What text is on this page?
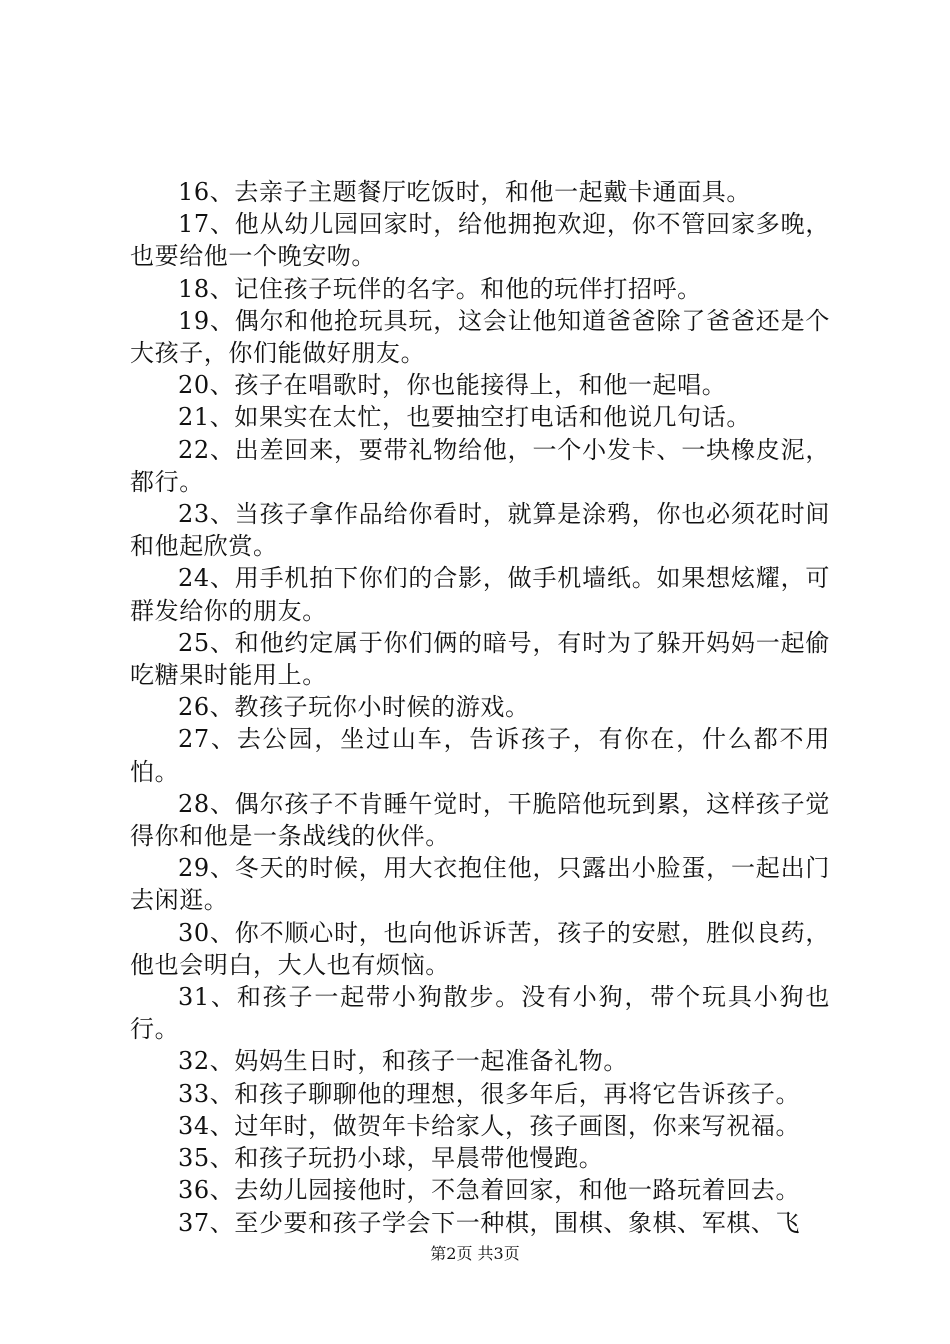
16、去亲子主题餐厅吃饭时，和他一起戴卡通面具。

17、他从幼儿园回家时，给他拥抱欢迎，你不管回家多晚，也要给他一个晚安吻。

18、记住孩子玩伴的名字。和他的玩伴打招呼。

19、偶尔和他抢玩具玩，这会让他知道爸爸除了爸爸还是个大孩子，你们能做好朋友。

20、孩子在唱歌时，你也能接得上，和他一起唱。

21、如果实在太忙，也要抽空打电话和他说几句话。

22、出差回来，要带礼物给他，一个小发卡、一块橡皮泥，都行。

23、当孩子拿作品给你看时，就算是涂鸦，你也必须花时间和他起欣赏。

24、用手机拍下你们的合影，做手机墙纸。如果想炫耀，可群发给你的朋友。

25、和他约定属于你们俩的暗号，有时为了躲开妈妈一起偷吃糖果时能用上。

26、教孩子玩你小时候的游戏。

27、去公园，坐过山车，告诉孩子，有你在，什么都不用怕。

28、偶尔孩子不肯睡午觉时，干脆陪他玩到累，这样孩子觉得你和他是一条战线的伙伴。

29、冬天的时候，用大衣抱住他，只露出小脸蛋，一起出门去闲逛。

30、你不顺心时，也向他诉诉苦，孩子的安慰，胜似良药，他也会明白，大人也有烦恼。

31、和孩子一起带小狗散步。没有小狗，带个玩具小狗也行。

32、妈妈生日时，和孩子一起准备礼物。

33、和孩子聊聊他的理想，很多年后，再将它告诉孩子。

34、过年时，做贺年卡给家人，孩子画图，你来写祝福。

35、和孩子玩扔小球，早晨带他慢跑。

36、去幼儿园接他时，不急着回家，和他一路玩着回去。

37、至少要和孩子学会下一种棋，围棋、象棋、军棋、飞

第2页 共3页
